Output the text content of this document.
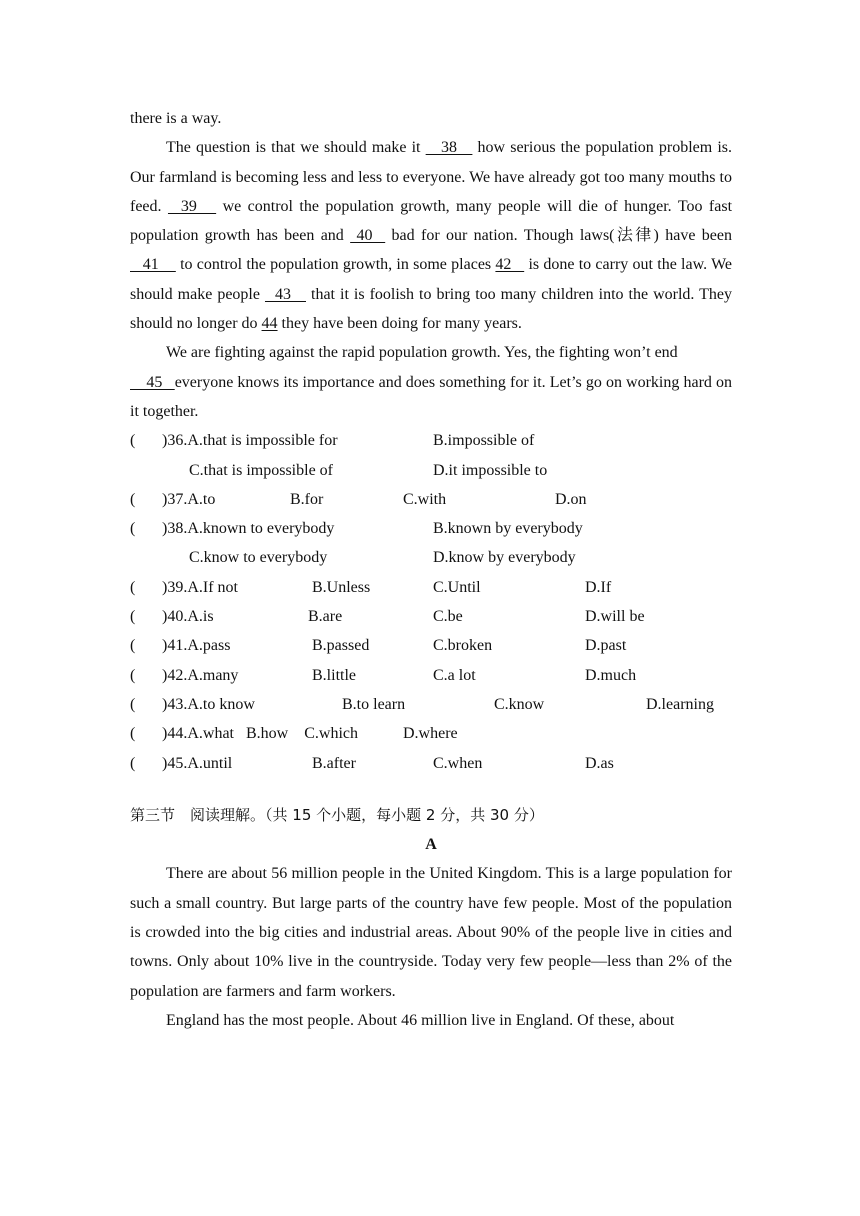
there is a way.

The question is that we should make it    38    how serious the population problem is. Our farmland is becoming less and less to everyone. We have already got too many mouths to feed.   39    we control the population growth, many people will die of hunger. Too fast population growth has been and  40   bad for our nation. Though laws(法律) have been    41     to control the population growth, in some places 42    is done to carry out the law. We should make people   43    that it is foolish to bring too many children into the world. They should no longer do 44 they have been doing for many years.

We are fighting against the rapid population growth. Yes, the fighting won’t end

45   everyone knows its importance and does something for it. Let’s go on working hard on it together.

(	)36.A.that is impossible for	B.impossible of
C.that is impossible of	D.it impossible to
(	)37.A.to	B.for	C.with	D.on
(	)38.A.known to everybody	B.known by everybody
C.know to everybody	D.know by everybody
(	)39.A.If not	B.Unless	C.Until	D.If
(	)40.A.is	B.are	C.be	D.will be
(	)41.A.pass	B.passed	C.broken	D.past
(	)42.A.many	B.little	C.a lot	D.much
(	)43.A.to know	B.to learn	C.know	D.learning
(	)44.A.what   B.how    C.which	D.where
(	)45.A.until	B.after	C.when	D.as
第三节　阅读理解。（共 15 个小题，每小题 2 分，共 30 分）
A

There are about 56 million people in the United Kingdom. This is a large population for such a small country. But large parts of the country have few people. Most of the population is crowded into the big cities and industrial areas. About 90% of the people live in cities and towns. Only about 10% live in the countryside. Today very few people—less than 2% of the population are farmers and farm workers.

England has the most people. About 46 million live in England. Of these, about
